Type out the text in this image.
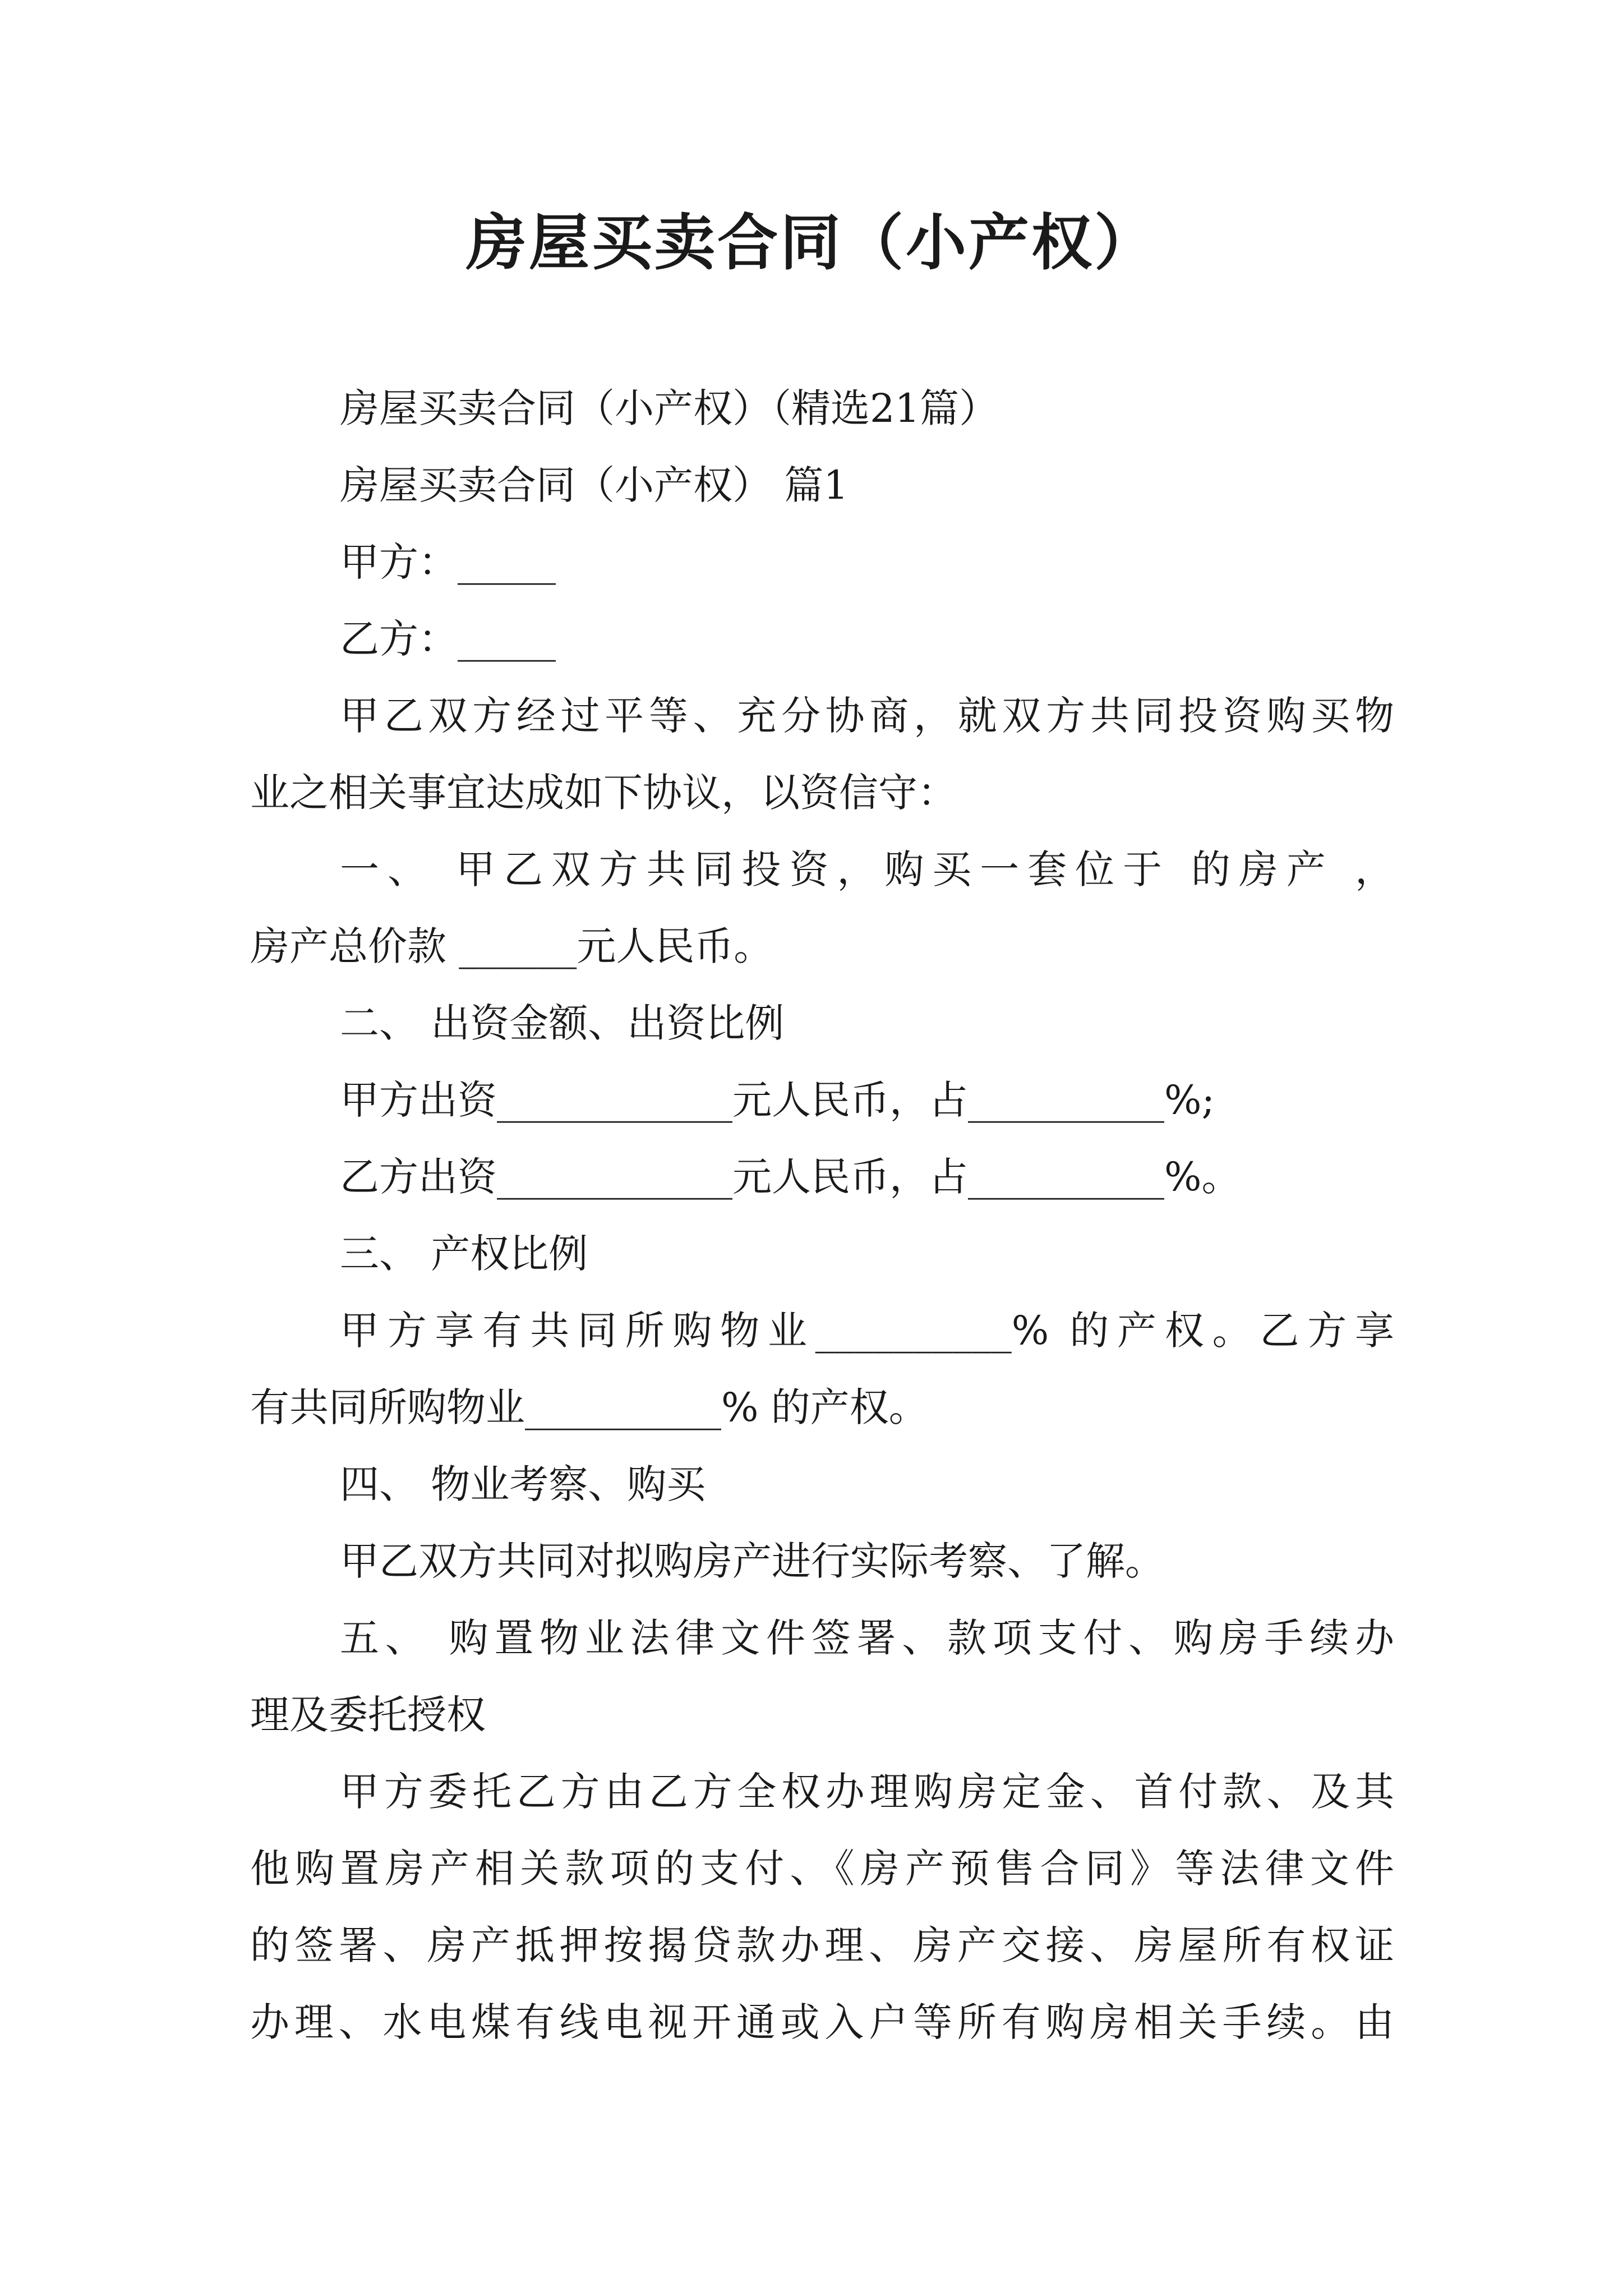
房屋买卖合同（小产权）
房屋买卖合同（小产权）（精选21篇）
房屋买卖合同（小产权） 篇1
甲方：_____
乙方：_____
甲乙双方经过平等、充分协商，就双方共同投资购买物
业之相关事宜达成如下协议，以资信守：
一、 甲乙双方共同投资，购买一套位于 的房产 ，
房产总价款 ______元人民币。
二、 出资金额、出资比例
甲方出资____________元人民币，占__________%;
乙方出资____________元人民币，占__________%。
三、 产权比例
甲方享有共同所购物业__________% 的产权。乙方享
有共同所购物业__________% 的产权。
四、 物业考察、购买
甲乙双方共同对拟购房产进行实际考察、了解。
五、 购置物业法律文件签署、款项支付、购房手续办
理及委托授权
甲方委托乙方由乙方全权办理购房定金、首付款、及其
他购置房产相关款项的支付、《房产预售合同》等法律文件
的签署、房产抵押按揭贷款办理、房产交接、房屋所有权证
办理、水电煤有线电视开通或入户等所有购房相关手续。由
